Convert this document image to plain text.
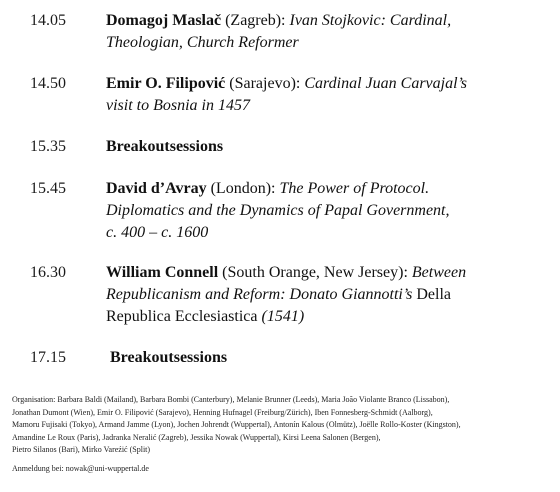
14.05	Domagoj Maslač (Zagreb): Ivan Stojkovic: Cardinal,
Theologian, Church Reformer
14.50	Emir O. Filipović (Sarajevo): Cardinal Juan Carvajal’s
visit to Bosnia in 1457
15.35	Breakoutsessions
15.45	David d’Avray (London): The Power of Protocol.
Diplomatics and the Dynamics of Papal Government,
c. 400 – c. 1600
16.30	William Connell (South Orange, New Jersey): Between
Republicanism and Reform: Donato Giannotti’s Della
Republica Ecclesiastica (1541)
17.15	Breakoutsessions
Organisation: Barbara Baldi (Mailand), Barbara Bombi (Canterbury), Melanie Brunner (Leeds), Maria João Violante Branco (Lissabon),
Jonathan Dumont (Wien), Emir O. Filipović (Sarajevo), Henning Hufnagel (Freiburg/Zürich), Iben Fonnesberg-Schmidt (Aalborg),
Mamoru Fujisaki (Tokyo), Armand Jamme (Lyon), Jochen Johrendt (Wuppertal), Antonín Kalous (Olmütz), Joëlle Rollo-Koster (Kingston),
Amandine Le Roux (Paris), Jadranka Neralić (Zagreb), Jessika Nowak (Wuppertal), Kirsi Leena Salonen (Bergen),
Pietro Silanos (Bari), Mirko Vareźić (Split)
Anmeldung bei: nowak@uni-wuppertal.de
